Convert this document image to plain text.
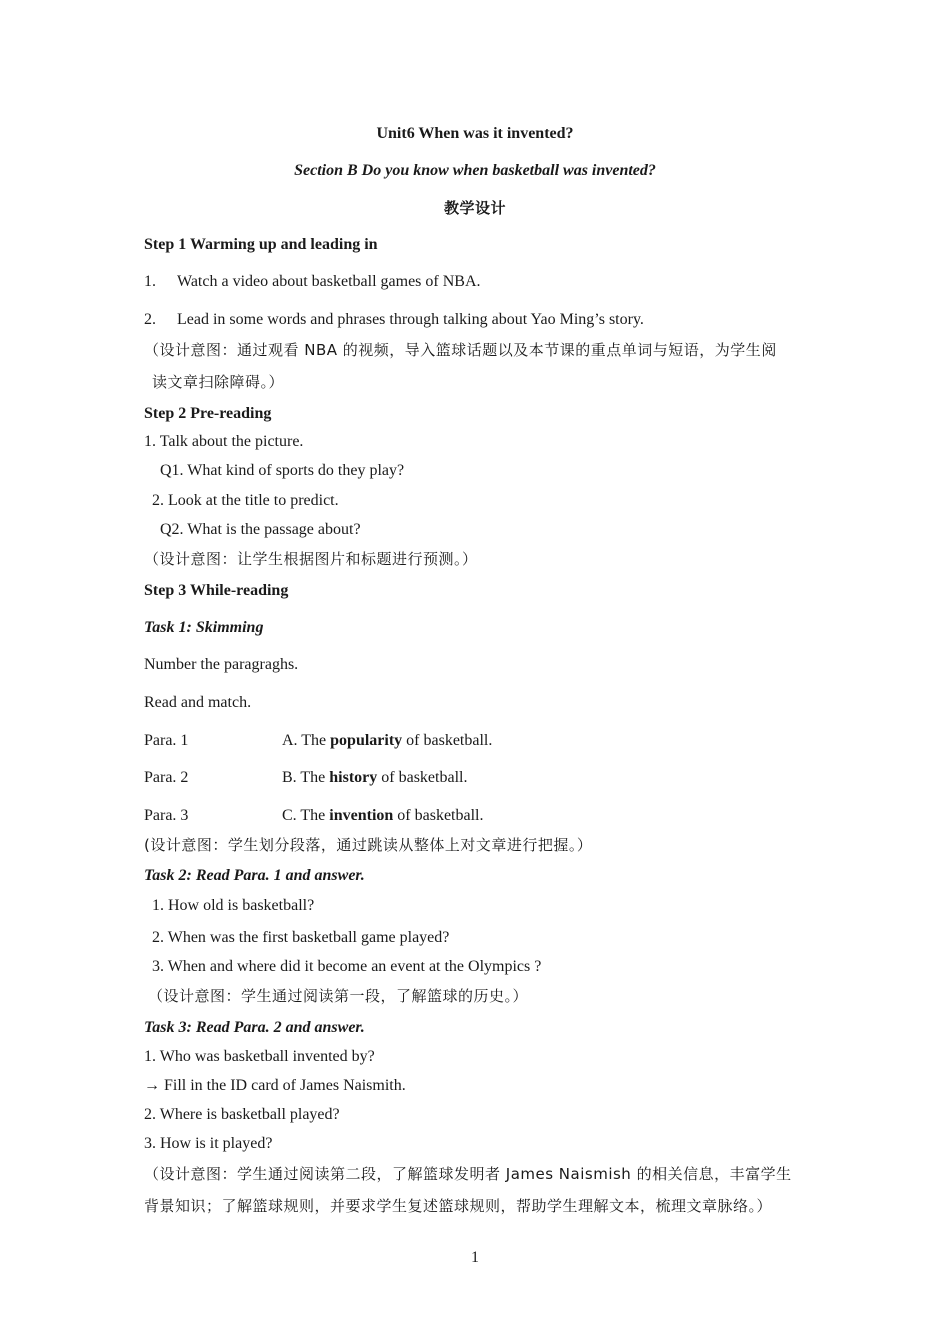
Unit6 When was it invented?
Section B Do you know when basketball was invented?
教学设计
Step 1 Warming up and leading in
1. Watch a video about basketball games of NBA.
2. Lead in some words and phrases through talking about Yao Ming’s story.
（设计意图：通过观看 NBA 的视频，导入篮球话题以及本节课的重点单词与短语，为学生阅
读文章扫除障碍。）
Step 2 Pre-reading
1. Talk about the picture.
Q1. What kind of sports do they play?
2. Look at the title to predict.
Q2. What is the passage about?
（设计意图：让学生根据图片和标题进行预测。）
Step 3 While-reading
Task 1: Skimming
Number the paragraghs.
Read and match.
Para. 1	A. The popularity of basketball.
Para. 2	B. The history of basketball.
Para. 3	C. The invention of basketball.
(设计意图：学生划分段落，通过跳读从整体上对文章进行把握。）
Task 2: Read Para. 1 and answer.
1. How old is basketball?
2. When was the first basketball game played?
3. When and where did it become an event at the Olympics ?
（设计意图：学生通过阅读第一段，了解篮球的历史。）
Task 3: Read Para. 2 and answer.
1. Who was basketball invented by?
→ Fill in the ID card of James Naismith.
2. Where is basketball played?
3. How is it played?
（设计意图：学生通过阅读第二段，了解篮球发明者 James Naismish 的相关信息，丰富学生
背景知识；了解篮球规则，并要求学生复述篮球规则，帮助学生理解文本，梳理文章脉络。）
1
